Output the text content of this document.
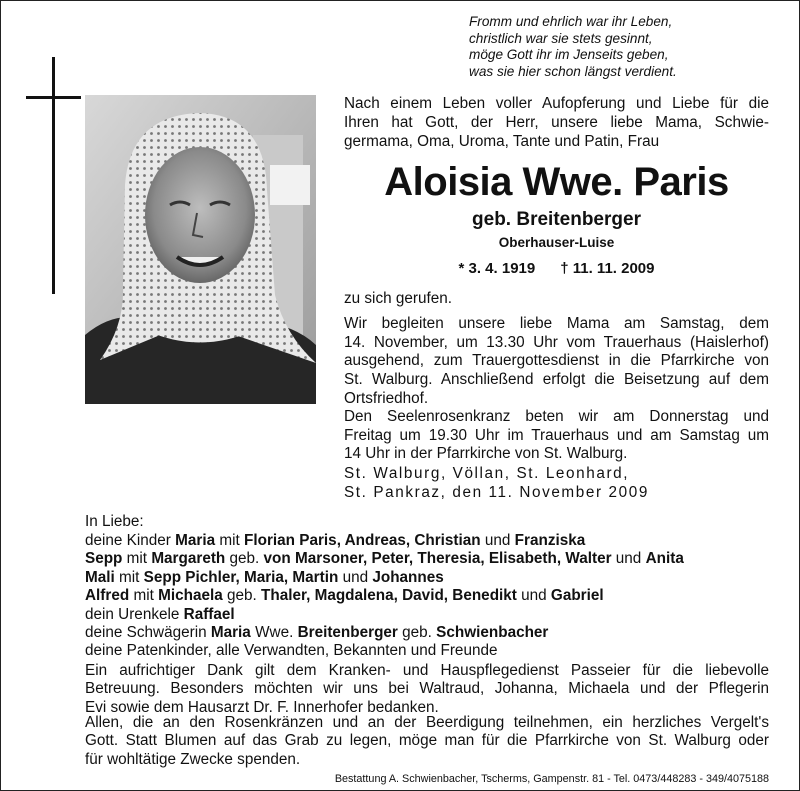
Fromm und ehrlich war ihr Leben,
christlich war sie stets gesinnt,
möge Gott ihr im Jenseits geben,
was sie hier schon längst verdient.
Nach einem Leben voller Aufopferung und Liebe für die
Ihren hat Gott, der Herr, unsere liebe Mama, Schwie-
germama, Oma, Uroma, Tante und Patin, Frau
Aloisia Wwe. Paris
geb. Breitenberger
Oberhauser-Luise
* 3. 4. 1919      † 11. 11. 2009
zu sich gerufen.
Wir begleiten unsere liebe Mama am Samstag, dem
14. November, um 13.30 Uhr vom Trauerhaus (Haislerhof)
ausgehend, zum Trauergottesdienst in die Pfarrkirche von
St. Walburg. Anschließend erfolgt die Beisetzung auf dem
Ortsfriedhof.
Den Seelenrosenkranz beten wir am Donnerstag und
Freitag um 19.30 Uhr im Trauerhaus und am Samstag um
14 Uhr in der Pfarrkirche von St. Walburg.
St. Walburg, Völlan, St. Leonhard,
St. Pankraz, den 11. November 2009
In Liebe:
deine Kinder Maria mit Florian Paris, Andreas, Christian und Franziska
Sepp mit Margareth geb. von Marsoner, Peter, Theresia, Elisabeth, Walter und Anita
Mali mit Sepp Pichler, Maria, Martin und Johannes
Alfred mit Michaela geb. Thaler, Magdalena, David, Benedikt und Gabriel
dein Urenkele Raffael
deine Schwägerin Maria Wwe. Breitenberger geb. Schwienbacher
deine Patenkinder, alle Verwandten, Bekannten und Freunde
Ein aufrichtiger Dank gilt dem Kranken- und Hauspflegedienst Passeier für die liebevolle
Betreuung. Besonders möchten wir uns bei Waltraud, Johanna, Michaela und der Pflegerin
Evi sowie dem Hausarzt Dr. F. Innerhofer bedanken.
Allen, die an den Rosenkränzen und an der Beerdigung teilnehmen, ein herzliches Vergelt's
Gott. Statt Blumen auf das Grab zu legen, möge man für die Pfarrkirche von St. Walburg oder
für wohltätige Zwecke spenden.
Bestattung A. Schwienbacher, Tscherms, Gampenstr. 81 - Tel. 0473/448283 - 349/4075188
